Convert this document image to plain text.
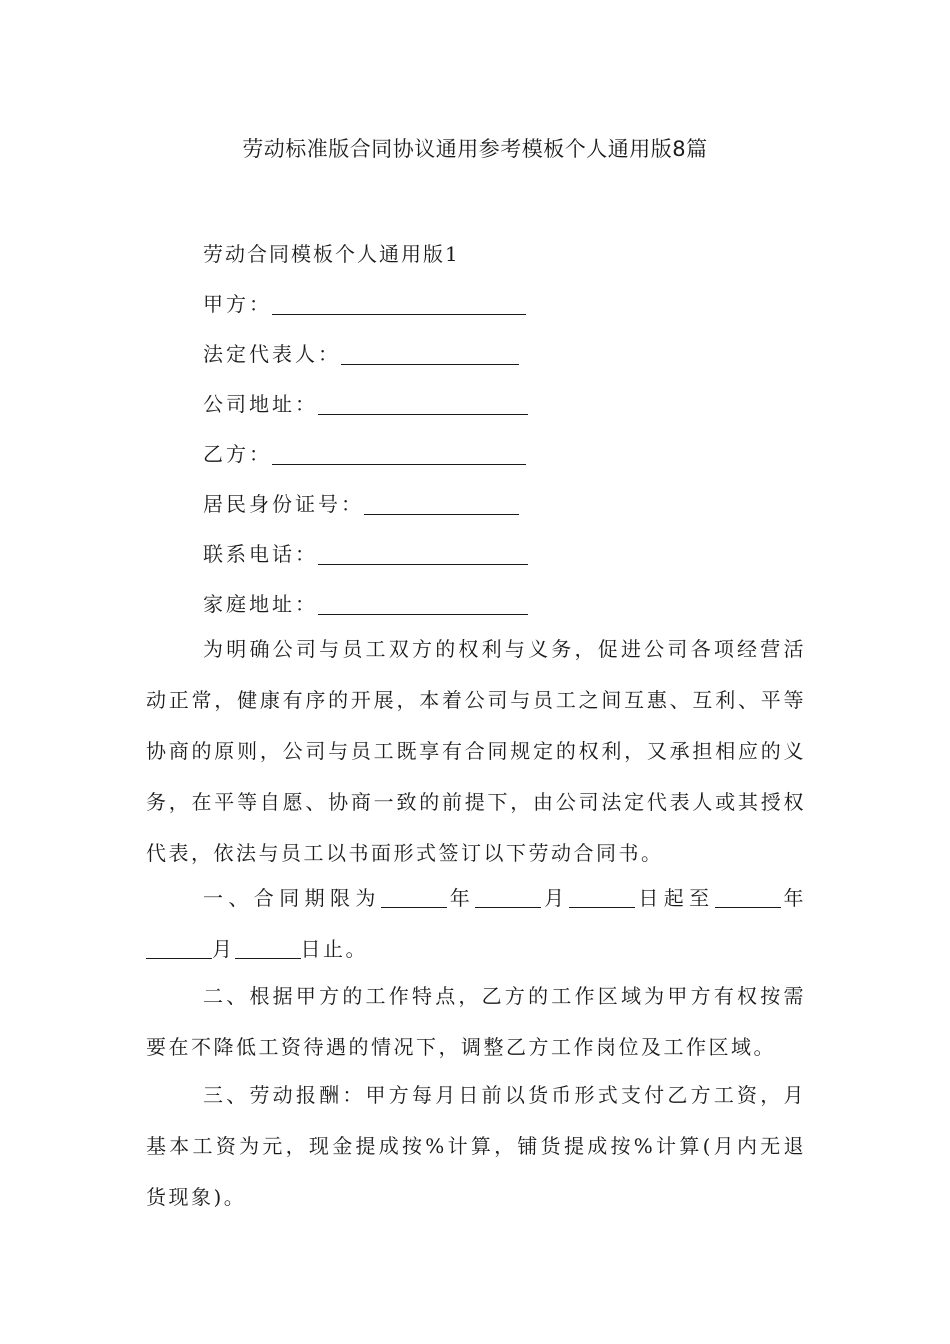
劳动标准版合同协议通用参考模板个人通用版8篇
劳动合同模板个人通用版1
甲方：
法定代表人：
公司地址：
乙方：
居民身份证号：
联系电话：
家庭地址：
为明确公司与员工双方的权利与义务，促进公司各项经营活动正常，健康有序的开展，本着公司与员工之间互惠、互利、平等协商的原则，公司与员工既享有合同规定的权利，又承担相应的义务，在平等自愿、协商一致的前提下，由公司法定代表人或其授权代表，依法与员工以书面形式签订以下劳动合同书。
一、合同期限为	年	月	日起至	年月	日止。
二、根据甲方的工作特点，乙方的工作区域为甲方有权按需要在不降低工资待遇的情况下，调整乙方工作岗位及工作区域。
三、劳动报酬：甲方每月日前以货币形式支付乙方工资，月基本工资为元，现金提成按%计算，铺货提成按%计算(月内无退货现象)。
